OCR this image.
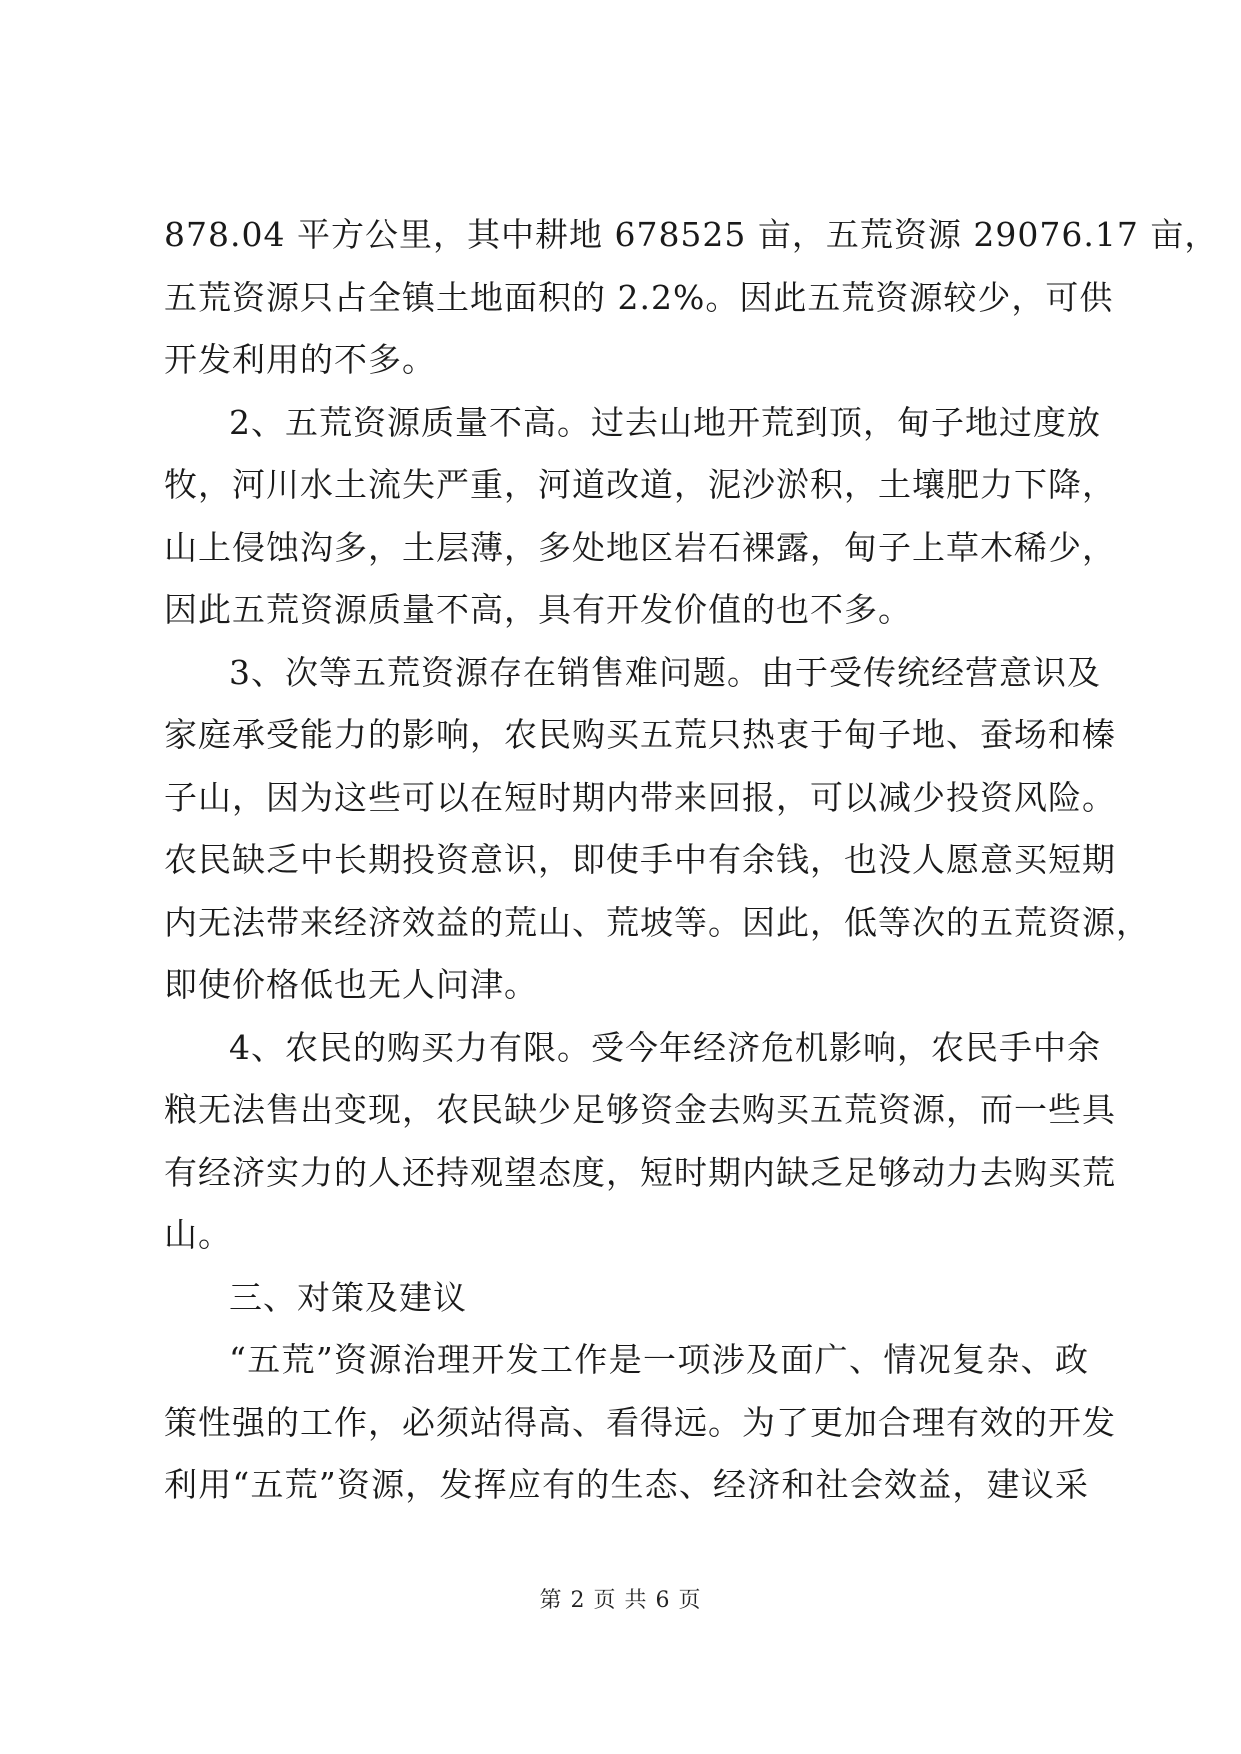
878.04 平方公里，其中耕地 678525 亩，五荒资源 29076.17 亩，
五荒资源只占全镇土地面积的 2.2%。因此五荒资源较少，可供
开发利用的不多。
2、五荒资源质量不高。过去山地开荒到顶，甸子地过度放
牧，河川水土流失严重，河道改道，泥沙淤积，土壤肥力下降，
山上侵蚀沟多，土层薄，多处地区岩石裸露，甸子上草木稀少，
因此五荒资源质量不高，具有开发价值的也不多。
3、次等五荒资源存在销售难问题。由于受传统经营意识及
家庭承受能力的影响，农民购买五荒只热衷于甸子地、蚕场和榛
子山，因为这些可以在短时期内带来回报，可以减少投资风险。
农民缺乏中长期投资意识，即使手中有余钱，也没人愿意买短期
内无法带来经济效益的荒山、荒坡等。因此，低等次的五荒资源，
即使价格低也无人问津。
4、农民的购买力有限。受今年经济危机影响，农民手中余
粮无法售出变现，农民缺少足够资金去购买五荒资源，而一些具
有经济实力的人还持观望态度，短时期内缺乏足够动力去购买荒
山。
三、对策及建议
“五荒”资源治理开发工作是一项涉及面广、情况复杂、政
策性强的工作，必须站得高、看得远。为了更加合理有效的开发
利用“五荒”资源，发挥应有的生态、经济和社会效益，建议采
第 2 页 共 6 页
